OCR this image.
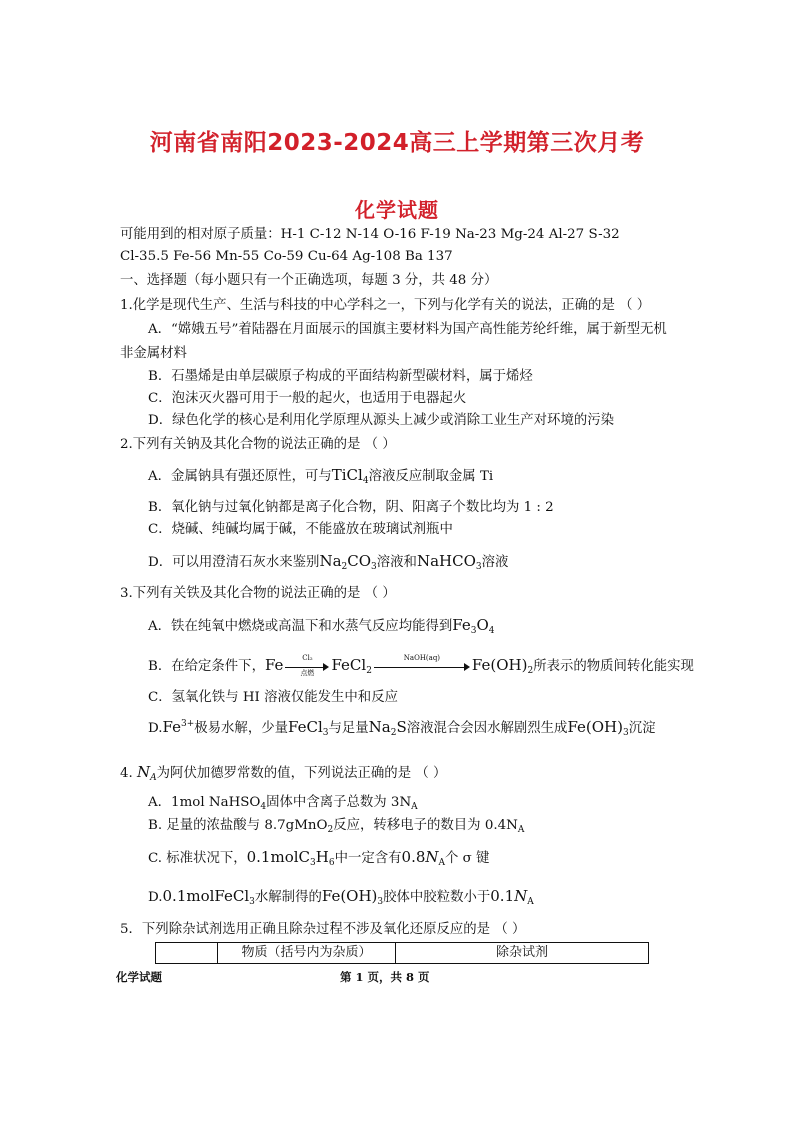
河南省南阳2023-2024高三上学期第三次月考
化学试题
可能用到的相对原子质量：H-1 C-12 N-14 O-16 F-19 Na-23 Mg-24 Al-27 S-32
Cl-35.5 Fe-56 Mn-55 Co-59 Cu-64 Ag-108 Ba 137
一、选择题（每小题只有一个正确选项，每题 3 分，共 48 分）
1.化学是现代生产、生活与科技的中心学科之一，下列与化学有关的说法，正确的是 （ ）
A．“嫦娥五号”着陆器在月面展示的国旗主要材料为国产高性能芳纶纤维，属于新型无机
非金属材料
B．石墨烯是由单层碳原子构成的平面结构新型碳材料，属于烯烃
C．泡沫灭火器可用于一般的起火，也适用于电器起火
D．绿色化学的核心是利用化学原理从源头上减少或消除工业生产对环境的污染
2.下列有关钠及其化合物的说法正确的是 （ ）
A．金属钠具有强还原性，可与TiCl$_4$溶液反应制取金属 Ti
B．氧化钠与过氧化钠都是离子化合物，阴、阳离子个数比均为 1 : 2
C．烧碱、纯碱均属于碱，不能盛放在玻璃试剂瓶中
D．可以用澄清石灰水来鉴别$Na_2CO_3$溶液和NaHCO$_3$溶液
3.下列有关铁及其化合物的说法正确的是 （ ）
A．铁在纯氧中燃烧或高温下和水蒸气反应均能得到$Fe_3O_4$
B．在给定条件下，Fe	Cl₂
点燃	FeCl$_2$
NaOH(aq)	$Fe(OH)_2$所表示的物质间转化能实现
C．氢氧化铁与 HI 溶液仅能发生中和反应
$D.Fe^{3+}$极易水解，少量FeCl$_3$与足量$Na_2S$溶液混合会因水解剧烈生成$Fe(OH)_3$沉淀
4. $N_A$为阿伏加德罗常数的值，下列说法正确的是 （ ）
A．1mol NaHSO$_4$固体中含离子总数为 $3N_A$
B. 足量的浓盐酸与 8.7gMnO$_2$反应，转移电子的数目为 $0.4N_A$
C. 标准状况下，$0.1molC_3H_6$中一定含有$0.8N_A$个 σ 键
D.0.1molFeCl$_3$水解制得的$Fe(OH)_3$胶体中胶粒数小于$0.1N_A$
5．下列除杂试剂选用正确且除杂过程不涉及氧化还原反应的是 （ ）
物质（括号内为杂质）	除杂试剂
化学试题	第 1 页，共 8 页
